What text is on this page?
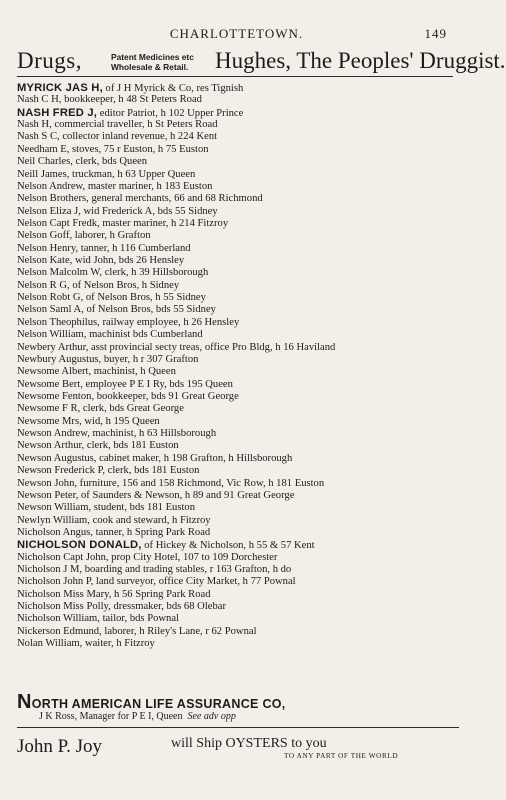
CHARLOTTETOWN.	149
Drugs,	Patent Medicines etc
Wholesale & Retail. Hughes, The Peoples' Druggist.
MYRICK JAS H, of J H Myrick & Co, res Tignish
Nash C H, bookkeeper, h 48 St Peters Road
NASH FRED J, editor Patriot, h 102 Upper Prince
Nash H, commercial traveller, h St Peters Road
Nash S C, collector inland revenue, h 224 Kent
Needham E, stoves, 75 r Euston, h 75 Euston
Neil Charles, clerk, bds Queen
Neill James, truckman, h 63 Upper Queen
Nelson Andrew, master mariner, h 183 Euston
Nelson Brothers, general merchants, 66 and 68 Richmond
Nelson Eliza J, wid Frederick A, bds 55 Sidney
Nelson Capt Fredk, master mariner, h 214 Fitzroy
Nelson Goff, laborer, h Grafton
Nelson Henry, tanner, h 116 Cumberland
Nelson Kate, wid John, bds 26 Hensley
Nelson Malcolm W, clerk, h 39 Hillsborough
Nelson R G, of Nelson Bros, h Sidney
Nelson Robt G, of Nelson Bros, h 55 Sidney
Nelson Saml A, of Nelson Bros, bds 55 Sidney
Nelson Theophilus, railway employee, h 26 Hensley
Nelson William, machinist bds Cumberland
Newbery Arthur, asst provincial secty treas, office Pro Bldg, h 16 Haviland
Newbury Augustus, buyer, h r 307 Grafton
Newsome Albert, machinist, h Queen
Newsome Bert, employee P E I Ry, bds 195 Queen
Newsome Fenton, bookkeeper, bds 91 Great George
Newsome F R, clerk, bds Great George
Newsome Mrs, wid, h 195 Queen
Newson Andrew, machinist, h 63 Hillsborough
Newson Arthur, clerk, bds 181 Euston
Newson Augustus, cabinet maker, h 198 Grafton, h Hillsborough
Newson Frederick P, clerk, bds 181 Euston
Newson John, furniture, 156 and 158 Richmond, Vic Row, h 181 Euston
Newson Peter, of Saunders & Newson, h 89 and 91 Great George
Newson William, student, bds 181 Euston
Newlyn William, cook and steward, h Fitzroy
Nicholson Angus, tanner, h Spring Park Road
NICHOLSON DONALD, of Hickey & Nicholson, h 55 & 57 Kent
Nicholson Capt John, prop City Hotel, 107 to 109 Dorchester
Nicholson J M, boarding and trading stables, r 163 Grafton, h do
Nicholson John P, land surveyor, office City Market, h 77 Pownal
Nicholson Miss Mary, h 56 Spring Park Road
Nicholson Miss Polly, dressmaker, bds 68 Olebar
Nicholson William, tailor, bds Pownal
Nickerson Edmund, laborer, h Riley's Lane, r 62 Pownal
Nolan William, waiter, h Fitzroy
NORTH AMERICAN LIFE ASSURANCE CO,
J K Ross, Manager for P E I, Queen See adv opp
John P. Joy	will Ship OYSTERS to you
TO ANY PART OF THE WORLD
